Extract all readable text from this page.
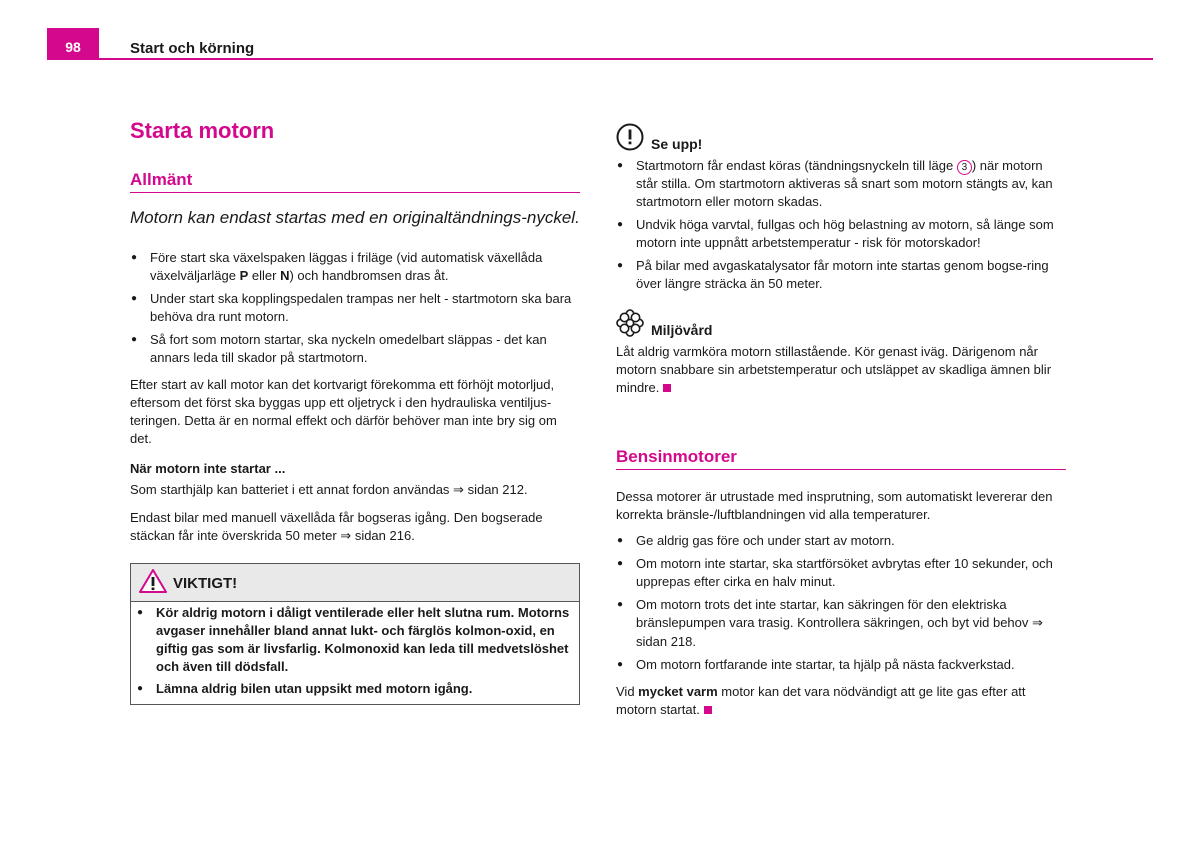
98	Start och körning
Starta motorn
Allmänt
Motorn kan endast startas med en originaltändnings-nyckel.
● Före start ska växelspaken läggas i friläge (vid automatisk växellåda växelväljarläge P eller N) och handbromsen dras åt.
● Under start ska kopplingspedalen trampas ner helt - startmotorn ska bara behöva dra runt motorn.
● Så fort som motorn startar, ska nyckeln omedelbart släppas - det kan annars leda till skador på startmotorn.
Efter start av kall motor kan det kortvarigt förekomma ett förhöjt motorljud, eftersom det först ska byggas upp ett oljetryck i den hydrauliska ventiljus-teringen. Detta är en normal effekt och därför behöver man inte bry sig om det.
När motorn inte startar ...
Som starthjälp kan batteriet i ett annat fordon användas ⇒ sidan 212.
Endast bilar med manuell växellåda får bogseras igång. Den bogserade stäckan får inte överskrida 50 meter ⇒ sidan 216.
VIKTIGT!
● Kör aldrig motorn i dåligt ventilerade eller helt slutna rum. Motorns avgaser innehåller bland annat lukt- och färglös kolmon-oxid, en giftig gas som är livsfarlig. Kolmonoxid kan leda till medvetslöshet och även till dödsfall.
● Lämna aldrig bilen utan uppsikt med motorn igång.
Se upp!
● Startmotorn får endast köras (tändningsnyckeln till läge 3 ) när motorn står stilla. Om startmotorn aktiveras så snart som motorn stängts av, kan startmotorn eller motorn skadas.
● Undvik höga varvtal, fullgas och hög belastning av motorn, så länge som motorn inte uppnått arbetstemperatur - risk för motorskador!
● På bilar med avgaskatalysator får motorn inte startas genom bogse-ring över längre sträcka än 50 meter.
Miljövård
Låt aldrig varmköra motorn stillastående. Kör genast iväg. Därigenom når motorn snabbare sin arbetstemperatur och utsläppet av skadliga ämnen blir mindre.
Bensinmotorer
Dessa motorer är utrustade med insprutning, som automatiskt levererar den korrekta bränsle-/luftblandningen vid alla temperaturer.
● Ge aldrig gas före och under start av motorn.
● Om motorn inte startar, ska startförsöket avbrytas efter 10 sekunder, och upprepas efter cirka en halv minut.
● Om motorn trots det inte startar, kan säkringen för den elektriska bränslepumpen vara trasig. Kontrollera säkringen, och byt vid behov ⇒ sidan 218.
● Om motorn fortfarande inte startar, ta hjälp på nästa fackverkstad.
Vid mycket varm motor kan det vara nödvändigt att ge lite gas efter att motorn startat.
